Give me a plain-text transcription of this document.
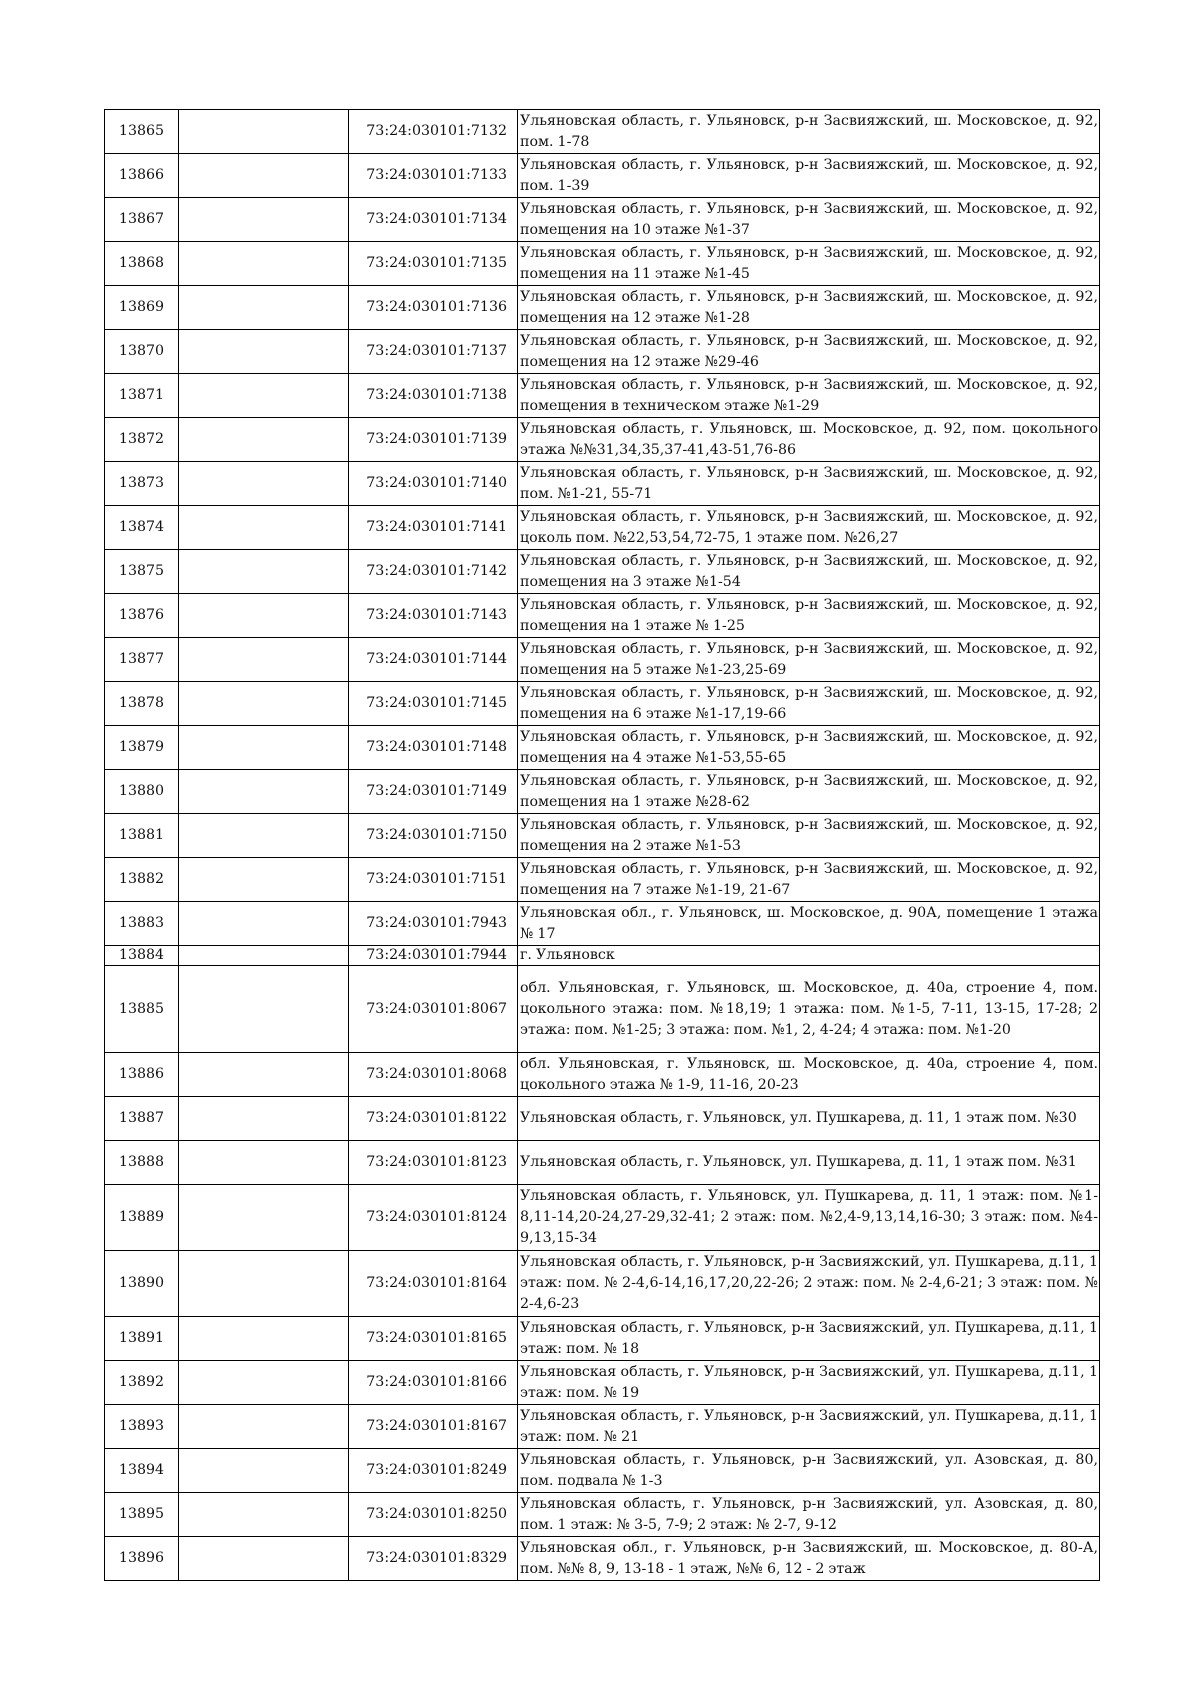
13865		73:24:030101:7132	Ульяновская область, г. Ульяновск, р-н Засвияжский, ш. Московское, д. 92, пом. 1-78
13866		73:24:030101:7133	Ульяновская область, г. Ульяновск, р-н Засвияжский, ш. Московское, д. 92, пом. 1-39
13867		73:24:030101:7134	Ульяновская область, г. Ульяновск, р-н Засвияжский, ш. Московское, д. 92, помещения на 10 этаже №1-37
13868		73:24:030101:7135	Ульяновская область, г. Ульяновск, р-н Засвияжский, ш. Московское, д. 92, помещения на 11 этаже №1-45
13869		73:24:030101:7136	Ульяновская область, г. Ульяновск, р-н Засвияжский, ш. Московское, д. 92, помещения на 12 этаже №1-28
13870		73:24:030101:7137	Ульяновская область, г. Ульяновск, р-н Засвияжский, ш. Московское, д. 92, помещения на 12 этаже №29-46
13871		73:24:030101:7138	Ульяновская область, г. Ульяновск, р-н Засвияжский, ш. Московское, д. 92, помещения в техническом этаже №1-29
13872		73:24:030101:7139	Ульяновская область, г. Ульяновск, ш. Московское, д. 92, пом. цокольного этажа №№31,34,35,37-41,43-51,76-86
13873		73:24:030101:7140	Ульяновская область, г. Ульяновск, р-н Засвияжский, ш. Московское, д. 92, пом. №1-21, 55-71
13874		73:24:030101:7141	Ульяновская область, г. Ульяновск, р-н Засвияжский, ш. Московское, д. 92, цоколь пом. №22,53,54,72-75, 1 этаже пом. №26,27
13875		73:24:030101:7142	Ульяновская область, г. Ульяновск, р-н Засвияжский, ш. Московское, д. 92, помещения на 3 этаже №1-54
13876		73:24:030101:7143	Ульяновская область, г. Ульяновск, р-н Засвияжский, ш. Московское, д. 92, помещения на 1 этаже № 1-25
13877		73:24:030101:7144	Ульяновская область, г. Ульяновск, р-н Засвияжский, ш. Московское, д. 92, помещения на 5 этаже №1-23,25-69
13878		73:24:030101:7145	Ульяновская область, г. Ульяновск, р-н Засвияжский, ш. Московское, д. 92, помещения на 6 этаже №1-17,19-66
13879		73:24:030101:7148	Ульяновская область, г. Ульяновск, р-н Засвияжский, ш. Московское, д. 92, помещения на 4 этаже №1-53,55-65
13880		73:24:030101:7149	Ульяновская область, г. Ульяновск, р-н Засвияжский, ш. Московское, д. 92, помещения на 1 этаже №28-62
13881		73:24:030101:7150	Ульяновская область, г. Ульяновск, р-н Засвияжский, ш. Московское, д. 92, помещения на 2 этаже №1-53
13882		73:24:030101:7151	Ульяновская область, г. Ульяновск, р-н Засвияжский, ш. Московское, д. 92, помещения на 7 этаже №1-19, 21-67
13883		73:24:030101:7943	Ульяновская обл., г. Ульяновск, ш. Московское, д. 90А, помещение 1 этажа № 17
13884		73:24:030101:7944	г. Ульяновск
13885		73:24:030101:8067	обл. Ульяновская, г. Ульяновск, ш. Московское, д. 40а, строение 4, пом. цокольного этажа: пом. №18,19; 1 этажа: пом. №1-5, 7-11, 13-15, 17-28; 2 этажа: пом. №1-25; 3 этажа: пом. №1, 2, 4-24; 4 этажа: пом. №1-20
13886		73:24:030101:8068	обл. Ульяновская, г. Ульяновск, ш. Московское, д. 40а, строение 4, пом. цокольного этажа № 1-9, 11-16, 20-23
13887		73:24:030101:8122	Ульяновская область, г. Ульяновск, ул. Пушкарева, д. 11, 1 этаж пом. №30
13888		73:24:030101:8123	Ульяновская область, г. Ульяновск, ул. Пушкарева, д. 11, 1 этаж пом. №31
13889		73:24:030101:8124	Ульяновская область, г. Ульяновск, ул. Пушкарева, д. 11, 1 этаж: пом. №1-8,11-14,20-24,27-29,32-41; 2 этаж: пом. №2,4-9,13,14,16-30; 3 этаж: пом. №4-9,13,15-34
13890		73:24:030101:8164	Ульяновская область, г. Ульяновск, р-н Засвияжский, ул. Пушкарева, д.11, 1 этаж: пом. № 2-4,6-14,16,17,20,22-26; 2 этаж: пом. № 2-4,6-21; 3 этаж: пом. № 2-4,6-23
13891		73:24:030101:8165	Ульяновская область, г. Ульяновск, р-н Засвияжский, ул. Пушкарева, д.11, 1 этаж: пом. № 18
13892		73:24:030101:8166	Ульяновская область, г. Ульяновск, р-н Засвияжский, ул. Пушкарева, д.11, 1 этаж: пом. № 19
13893		73:24:030101:8167	Ульяновская область, г. Ульяновск, р-н Засвияжский, ул. Пушкарева, д.11, 1 этаж: пом. № 21
13894		73:24:030101:8249	Ульяновская область, г. Ульяновск, р-н Засвияжский, ул. Азовская, д. 80, пом. подвала № 1-3
13895		73:24:030101:8250	Ульяновская область, г. Ульяновск, р-н Засвияжский, ул. Азовская, д. 80, пом. 1 этаж: № 3-5, 7-9; 2 этаж: № 2-7, 9-12
13896		73:24:030101:8329	Ульяновская обл., г. Ульяновск, р-н Засвияжский, ш. Московское, д. 80-А, пом. №№ 8, 9, 13-18 - 1 этаж, №№ 6, 12 - 2 этаж
